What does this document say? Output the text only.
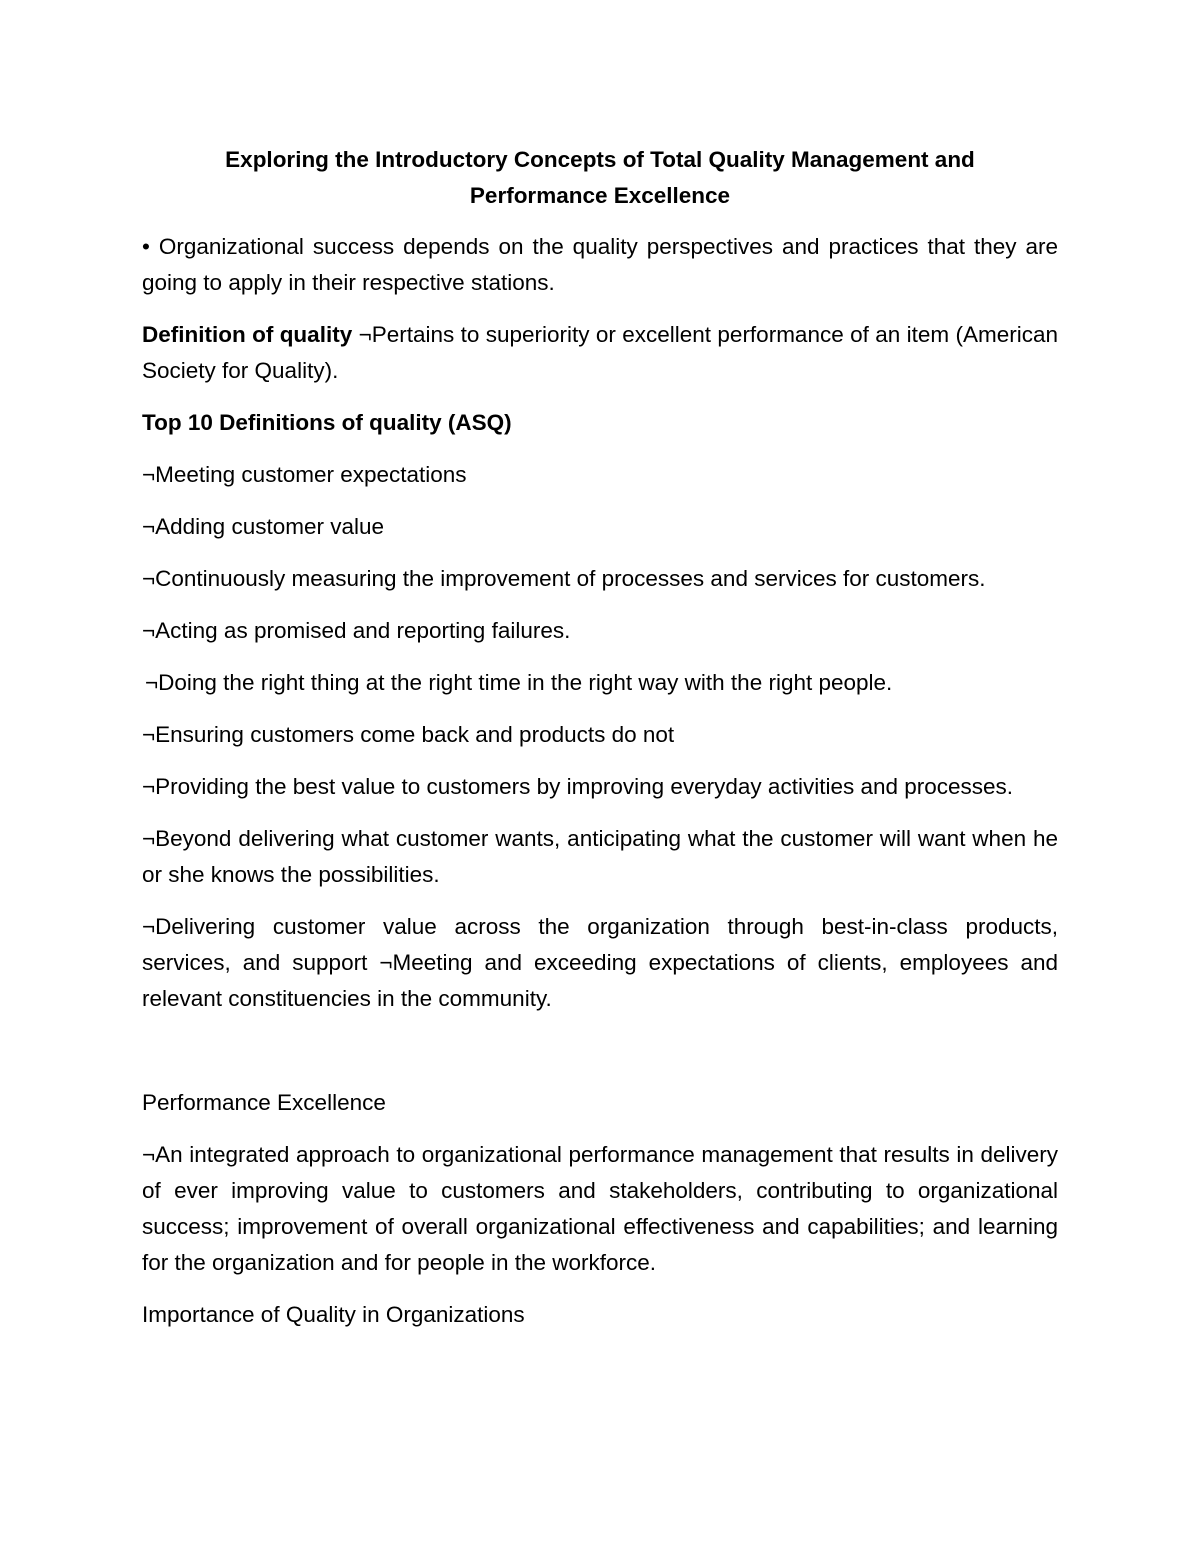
Exploring the Introductory Concepts of Total Quality Management and
Performance Excellence

• Organizational success depends on the quality perspectives and practices that they are going to apply in their respective stations.

Definition of quality ¬Pertains to superiority or excellent performance of an item (American Society for Quality).

Top 10 Definitions of quality (ASQ)

¬Meeting customer expectations

¬Adding customer value

¬Continuously measuring the improvement of processes and services for customers.

¬Acting as promised and reporting failures.

¬Doing the right thing at the right time in the right way with the right people.

¬Ensuring customers come back and products do not

¬Providing the best value to customers by improving everyday activities and processes.

¬Beyond delivering what customer wants, anticipating what the customer will want when he or she knows the possibilities.

¬Delivering customer value across the organization through best-in-class products, services, and support ¬Meeting and exceeding expectations of clients, employees and relevant constituencies in the community.

Performance Excellence

¬An integrated approach to organizational performance management that results in delivery of ever improving value to customers and stakeholders, contributing to organizational success; improvement of overall organizational effectiveness and capabilities; and learning for the organization and for people in the workforce.

Importance of Quality in Organizations
